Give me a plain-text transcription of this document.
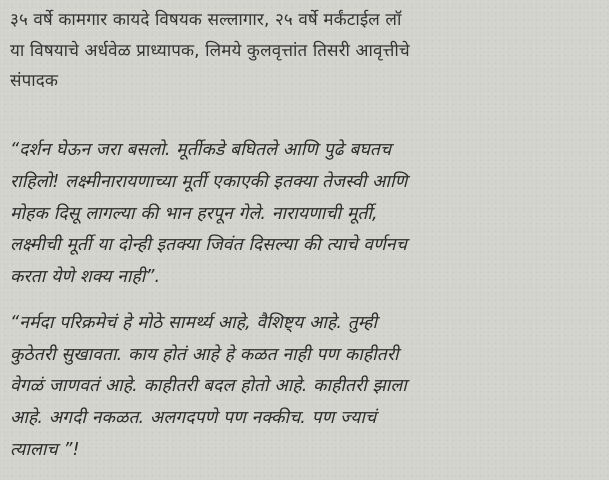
३५ वर्षे कामगार कायदे विषयक सल्लागार, २५ वर्षे मर्कंटाईल लॉ
या विषयाचे अर्धवेळ प्राध्यापक, लिमये कुलवृत्तांत तिसरी आवृत्तीचे
संपादक
“दर्शन घेऊन जरा बसलो. मूर्तीकडे बघितले आणि पुढे बघतच
राहिलो! लक्ष्मीनारायणाच्या मूर्ती एकाएकी इतक्या तेजस्वी आणि
मोहक दिसू लागल्या की भान हरपून गेले. नारायणाची मूर्ती,
लक्ष्मीची मूर्ती या दोन्ही इतक्या जिवंत दिसल्या की त्याचे वर्णनच
करता येणे शक्य नाही”.
“नर्मदा परिक्रमेचं हे मोठे सामर्थ्य आहे, वैशिष्ट्य आहे. तुम्ही
कुठेतरी सुखावता. काय होतं आहे हे कळत नाही पण काहीतरी
वेगळं जाणवतं आहे. काहीतरी बदल होतो आहे. काहीतरी झाला
आहे. अगदी नकळत. अलगदपणे पण नक्कीच. पण ज्याचं
त्यालाच ”!
